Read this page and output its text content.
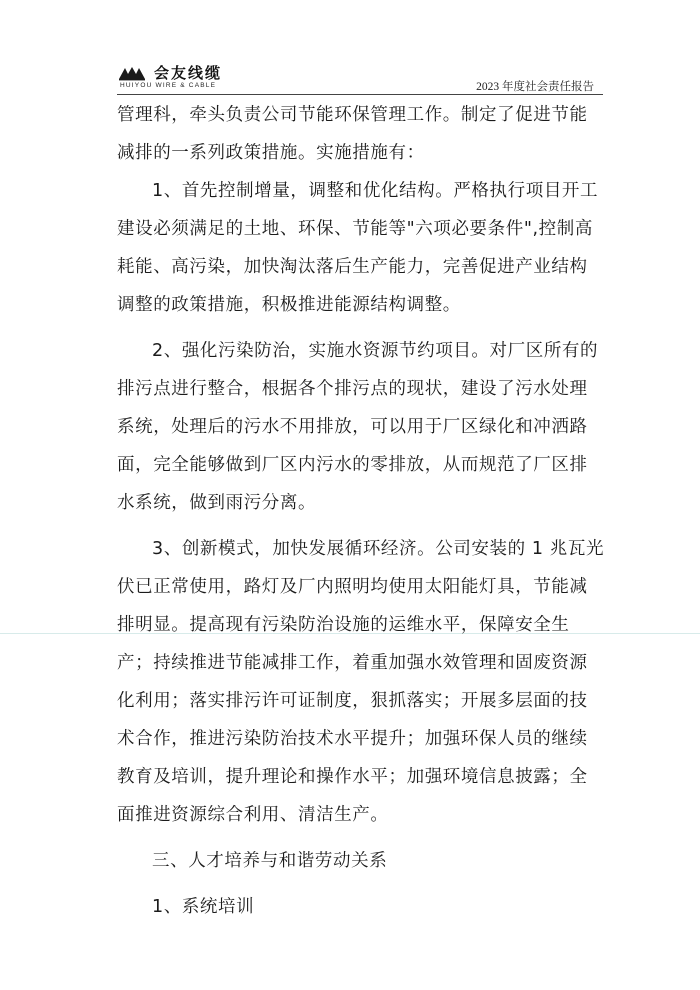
会友线缆
HUIYOU WIRE & CABLE	2023 年度社会责任报告

管理科，牵头负责公司节能环保管理工作。制定了促进节能减排的一系列政策措施。实施措施有：

1、首先控制增量，调整和优化结构。严格执行项目开工建设必须满足的土地、环保、节能等"六项必要条件",控制高耗能、高污染，加快淘汰落后生产能力，完善促进产业结构调整的政策措施，积极推进能源结构调整。

2、强化污染防治，实施水资源节约项目。对厂区所有的排污点进行整合，根据各个排污点的现状，建设了污水处理系统，处理后的污水不用排放，可以用于厂区绿化和冲洒路面，完全能够做到厂区内污水的零排放，从而规范了厂区排水系统，做到雨污分离。

3、创新模式，加快发展循环经济。公司安装的 1 兆瓦光伏已正常使用，路灯及厂内照明均使用太阳能灯具，节能减排明显。提高现有污染防治设施的运维水平，保障安全生产；持续推进节能减排工作，着重加强水效管理和固废资源化利用；落实排污许可证制度，狠抓落实；开展多层面的技术合作，推进污染防治技术水平提升；加强环保人员的继续教育及培训，提升理论和操作水平；加强环境信息披露；全面推进资源综合利用、清洁生产。

三、人才培养与和谐劳动关系

1、系统培训
